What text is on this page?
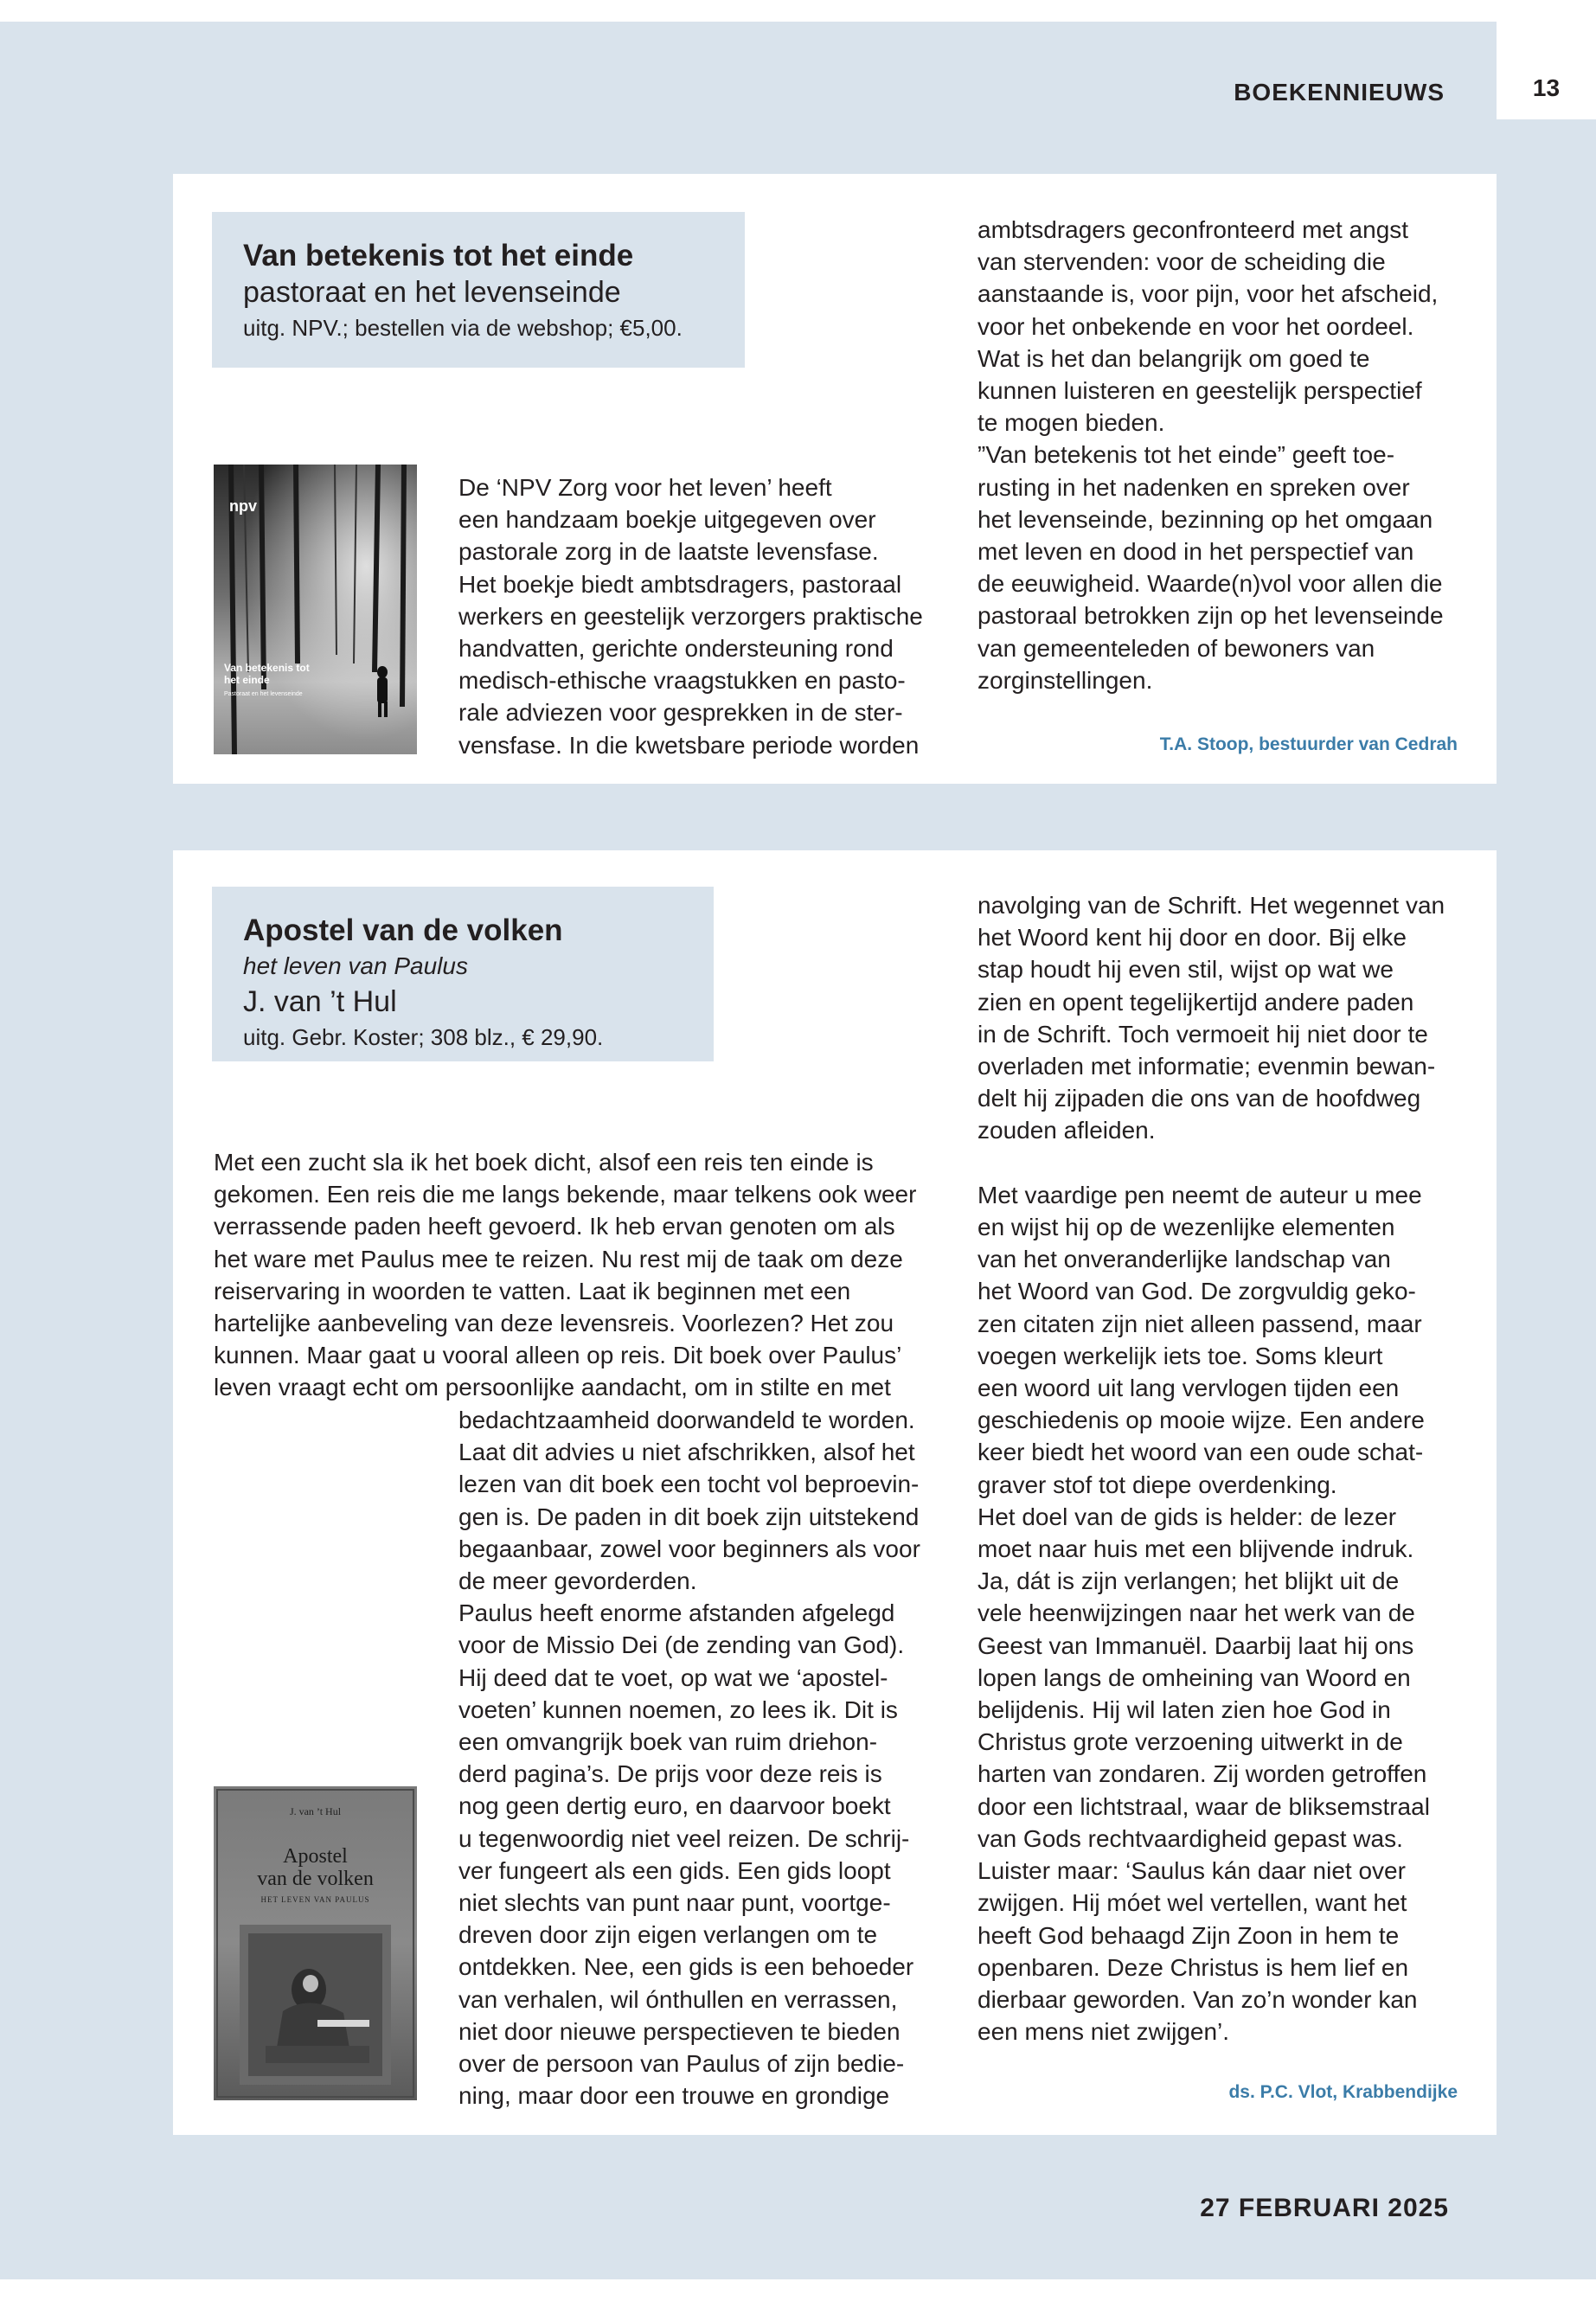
13
BOEKENNIEUWS
Van betekenis tot het einde
pastoraat en het levenseinde
uitg. NPV.; bestellen via de webshop; €5,00.
npv
Van betekenis tot
het einde
Pastoraat en het levenseinde

De ‘NPV Zorg voor het leven’ heeft
een handzaam boekje uitgegeven over
pastorale zorg in de laatste levensfase.
Het boekje biedt ambtsdragers, pastoraal
werkers en geestelijk verzorgers praktische
handvatten, gerichte ondersteuning rond
medisch-ethische vraagstukken en pasto-
rale adviezen voor gesprekken in de ster-
vensfase. In die kwetsbare periode worden

ambtsdragers geconfronteerd met angst
van stervenden: voor de scheiding die
aanstaande is, voor pijn, voor het afscheid,
voor het onbekende en voor het oordeel.
Wat is het dan belangrijk om goed te
kunnen luisteren en geestelijk perspectief
te mogen bieden.
”Van betekenis tot het einde” geeft toe-
rusting in het nadenken en spreken over
het levenseinde, bezinning op het omgaan
met leven en dood in het perspectief van
de eeuwigheid. Waarde(n)vol voor allen die
pastoraal betrokken zijn op het levenseinde
van gemeenteleden of bewoners van
zorginstellingen.

T.A. Stoop, bestuurder van Cedrah
Apostel van de volken
het leven van Paulus
J. van ’t Hul
uitg. Gebr. Koster; 308 blz., € 29,90.

Met een zucht sla ik het boek dicht, alsof een reis ten einde is
gekomen. Een reis die me langs bekende, maar telkens ook weer
verrassende paden heeft gevoerd. Ik heb ervan genoten om als
het ware met Paulus mee te reizen. Nu rest mij de taak om deze
reiservaring in woorden te vatten. Laat ik beginnen met een
hartelijke aanbeveling van deze levensreis. Voorlezen? Het zou
kunnen. Maar gaat u vooral alleen op reis. Dit boek over Paulus’
leven vraagt echt om persoonlijke aandacht, om in stilte en met

J. van ’t Hul
Apostel
van de volken
HET LEVEN VAN PAULUS

bedachtzaamheid doorwandeld te worden.
Laat dit advies u niet afschrikken, alsof het
lezen van dit boek een tocht vol beproevin-
gen is. De paden in dit boek zijn uitstekend
begaanbaar, zowel voor beginners als voor
de meer gevorderden.
Paulus heeft enorme afstanden afgelegd
voor de Missio Dei (de zending van God).
Hij deed dat te voet, op wat we ‘apostel-
voeten’ kunnen noemen, zo lees ik. Dit is
een omvangrijk boek van ruim driehon-
derd pagina’s. De prijs voor deze reis is
nog geen dertig euro, en daarvoor boekt
u tegenwoordig niet veel reizen. De schrij-
ver fungeert als een gids. Een gids loopt
niet slechts van punt naar punt, voortge-
dreven door zijn eigen verlangen om te
ontdekken. Nee, een gids is een behoeder
van verhalen, wil ónthullen en verrassen,
niet door nieuwe perspectieven te bieden
over de persoon van Paulus of zijn bedie-
ning, maar door een trouwe en grondige

navolging van de Schrift. Het wegennet van
het Woord kent hij door en door. Bij elke
stap houdt hij even stil, wijst op wat we
zien en opent tegelijkertijd andere paden
in de Schrift. Toch vermoeit hij niet door te
overladen met informatie; evenmin bewan-
delt hij zijpaden die ons van de hoofdweg
zouden afleiden.

Met vaardige pen neemt de auteur u mee
en wijst hij op de wezenlijke elementen
van het onveranderlijke landschap van
het Woord van God. De zorgvuldig geko-
zen citaten zijn niet alleen passend, maar
voegen werkelijk iets toe. Soms kleurt
een woord uit lang vervlogen tijden een
geschiedenis op mooie wijze. Een andere
keer biedt het woord van een oude schat-
graver stof tot diepe overdenking.
Het doel van de gids is helder: de lezer
moet naar huis met een blijvende indruk.
Ja, dát is zijn verlangen; het blijkt uit de
vele heenwijzingen naar het werk van de
Geest van Immanuël. Daarbij laat hij ons
lopen langs de omheining van Woord en
belijdenis. Hij wil laten zien hoe God in
Christus grote verzoening uitwerkt in de
harten van zondaren. Zij worden getroffen
door een lichtstraal, waar de bliksemstraal
van Gods rechtvaardigheid gepast was.
Luister maar: ‘Saulus kán daar niet over
zwijgen. Hij móet wel vertellen, want het
heeft God behaagd Zijn Zoon in hem te
openbaren. Deze Christus is hem lief en
dierbaar geworden. Van zo’n wonder kan
een mens niet zwijgen’.

ds. P.C. Vlot, Krabbendijke
27 FEBRUARI 2025
